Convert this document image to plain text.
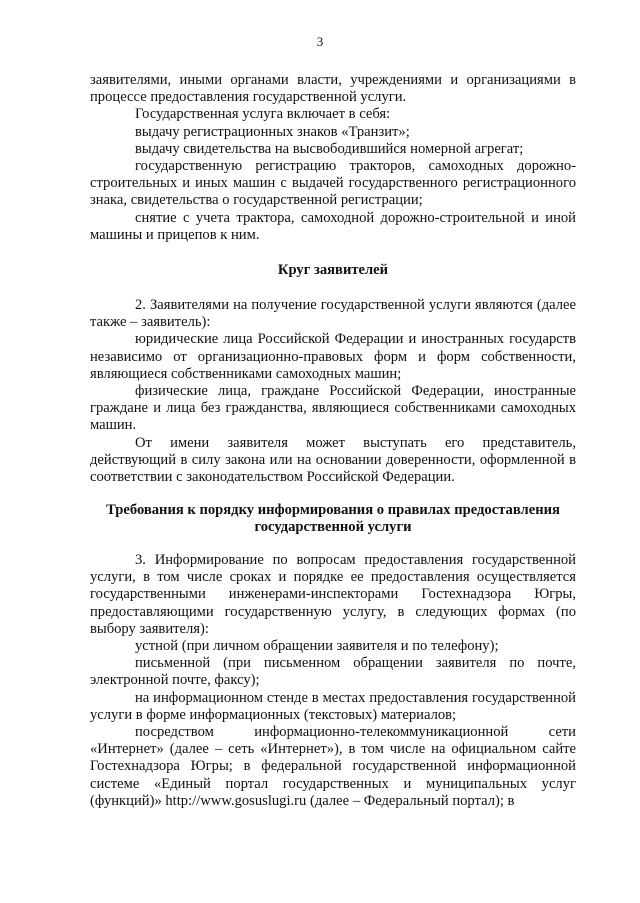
3

заявителями, иными органами власти, учреждениями и организациями в процессе предоставления государственной услуги.

Государственная услуга включает в себя:

выдачу регистрационных знаков «Транзит»;

выдачу свидетельства на высвободившийся номерной агрегат;

государственную регистрацию тракторов, самоходных дорожно-строительных и иных машин с выдачей государственного регистрационного знака, свидетельства о государственной регистрации;

снятие с учета трактора, самоходной дорожно-строительной и иной машины и прицепов к ним.

Круг заявителей

2. Заявителями на получение государственной услуги являются (далее также – заявитель):

юридические лица Российской Федерации и иностранных государств независимо от организационно-правовых форм и форм собственности, являющиеся собственниками самоходных машин;

физические лица, граждане Российской Федерации, иностранные граждане и лица без гражданства, являющиеся собственниками самоходных машин.

От имени заявителя может выступать его представитель, действующий в силу закона или на основании доверенности, оформленной в соответствии с законодательством Российской Федерации.

Требования к порядку информирования о правилах предоставления
государственной услуги

3. Информирование по вопросам предоставления государственной услуги, в том числе сроках и порядке ее предоставления осуществляется государственными инженерами-инспекторами Гостехнадзора Югры, предоставляющими государственную услугу, в следующих формах (по выбору заявителя):

устной (при личном обращении заявителя и по телефону);

письменной (при письменном обращении заявителя по почте, электронной почте, факсу);

на информационном стенде в местах предоставления государственной услуги в форме информационных (текстовых) материалов;

посредством информационно-телекоммуникационной сети «Интернет» (далее – сеть «Интернет»), в том числе на официальном сайте Гостехнадзора Югры; в федеральной государственной информационной системе «Единый портал государственных и муниципальных услуг (функций)» http://www.gosuslugi.ru (далее – Федеральный портал); в
